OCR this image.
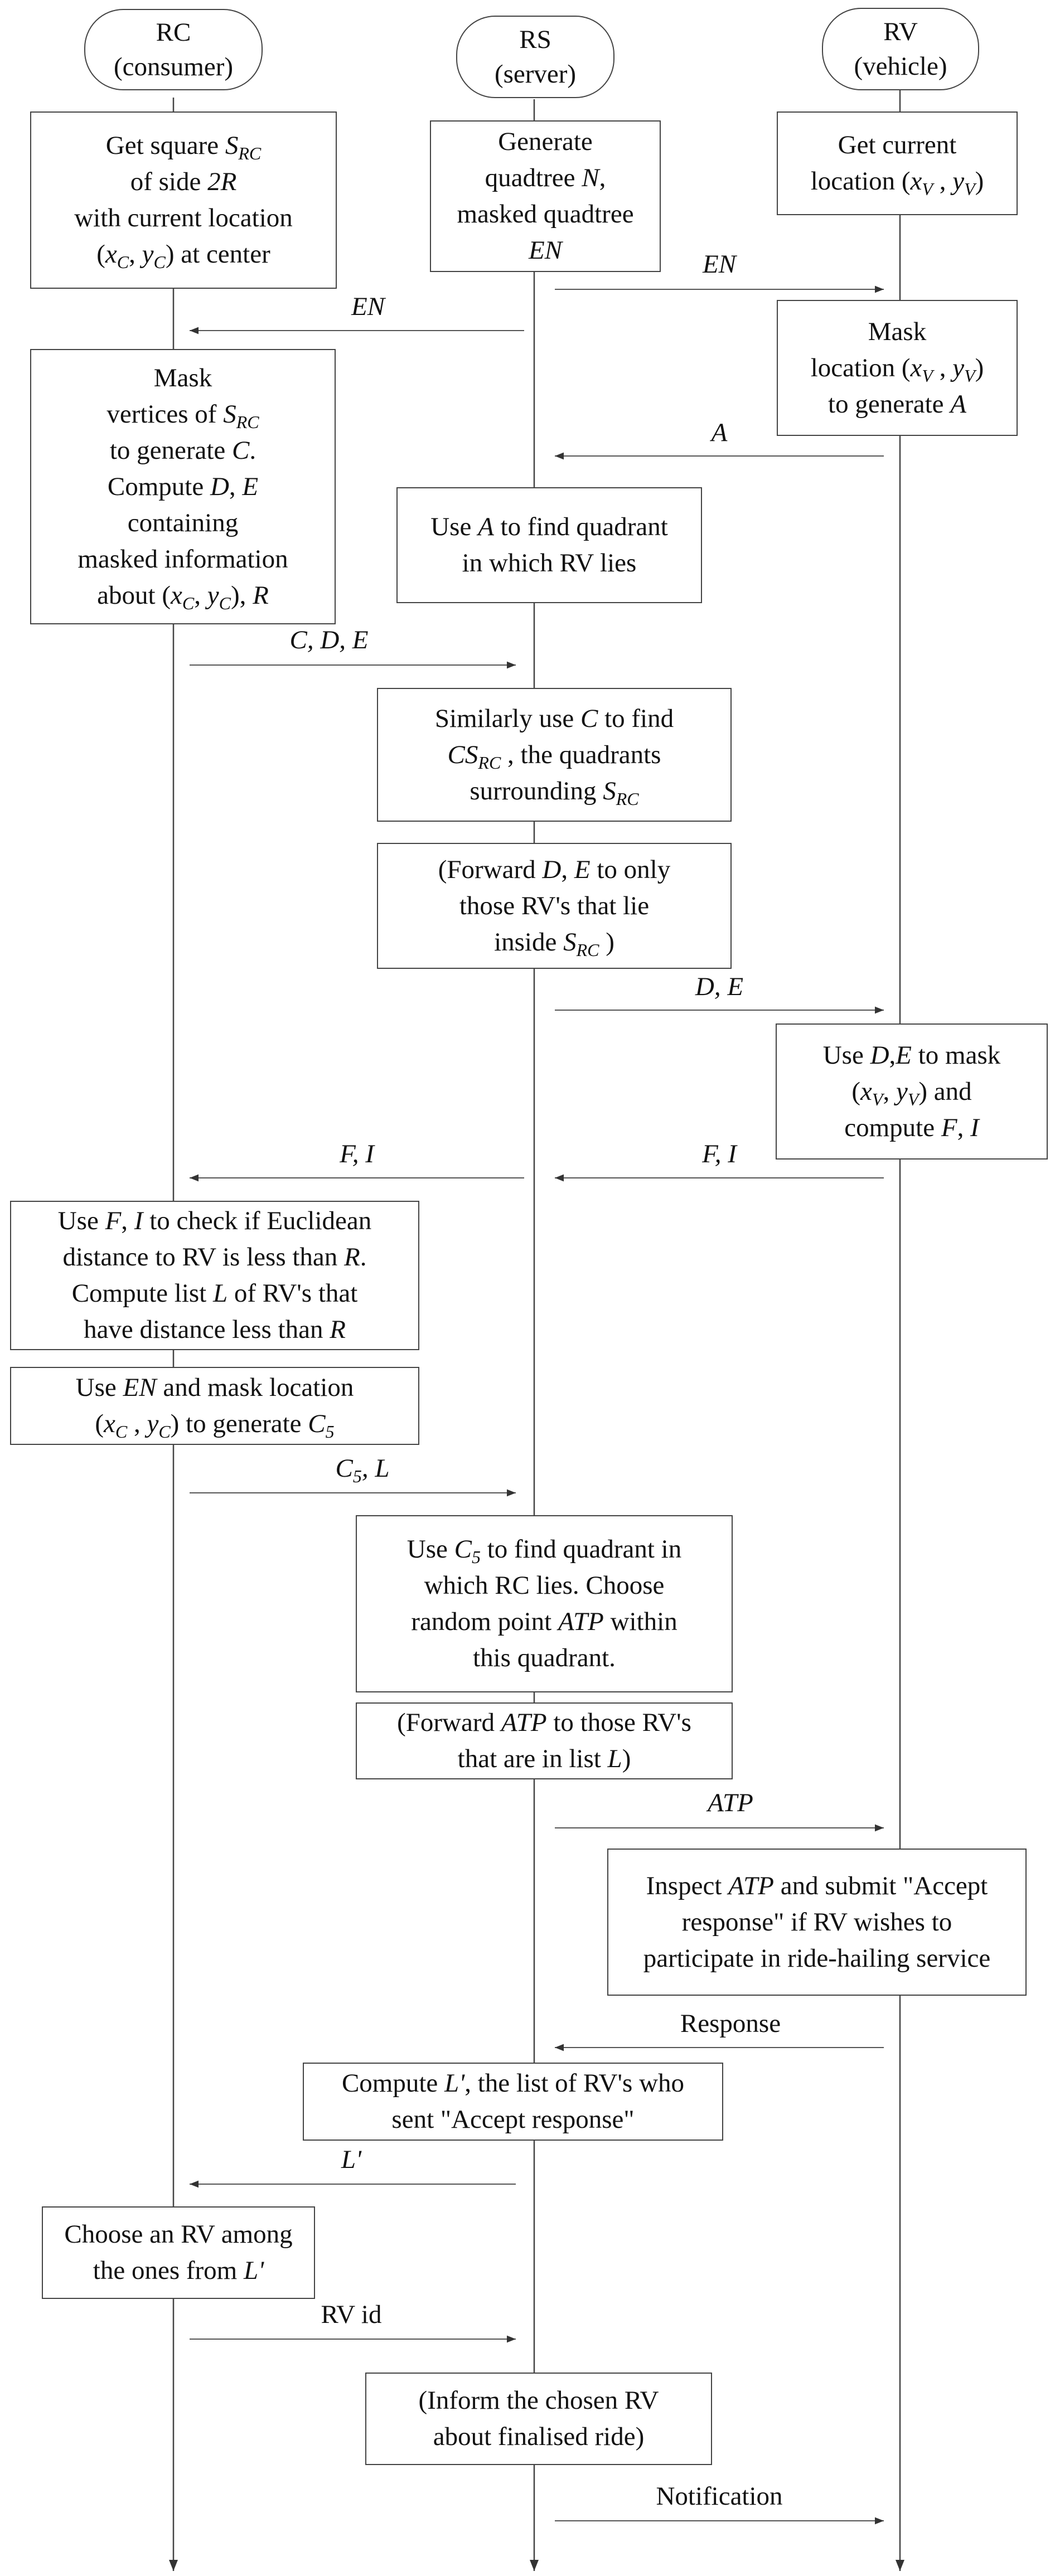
RC
(consumer)
RS
(server)
RV
(vehicle)
Get square $S_{RC}$
of side 2R
with current location
($x_C$, $y_C$) at center
Generate
quadtree N,
masked quadtree
EN
Get current
location ($x_V$ , $y_V$)
Mask
location ($x_V$ , $y_V$)
to generate A
Mask
vertices of $S_{RC}$
to generate C.
Compute D, E
containing
masked information
about ($x_C$, $y_C$), R
Use A to find quadrant
in which RV lies
Similarly use C to find
$CS_{RC}$ , the quadrants
surrounding $S_{RC}$
(Forward D, E to only
those RV's that lie
inside $S_{RC}$ )
Use D,E to mask
($x_V$, $y_V$) and
compute F, I
Use F, I to check if Euclidean
distance to RV is less than R.
Compute list L of RV's that
have distance less than R
Use EN and mask location
($x_C$ , $y_C$) to generate $C_5$
Use $C_5$ to find quadrant in
which RC lies. Choose
random point ATP within
this quadrant.
(Forward ATP to those RV's
that are in list L)
Inspect ATP and submit "Accept
response" if RV wishes to
participate in ride-hailing service
Compute L', the list of RV's who
sent "Accept response"
Choose an RV among
the ones from L'
(Inform the chosen RV
about finalised ride)
EN
EN
A
C, D, E
D, E
F, I	F, I
$C_5$, L
ATP
Response
L'
RV id
Notification
